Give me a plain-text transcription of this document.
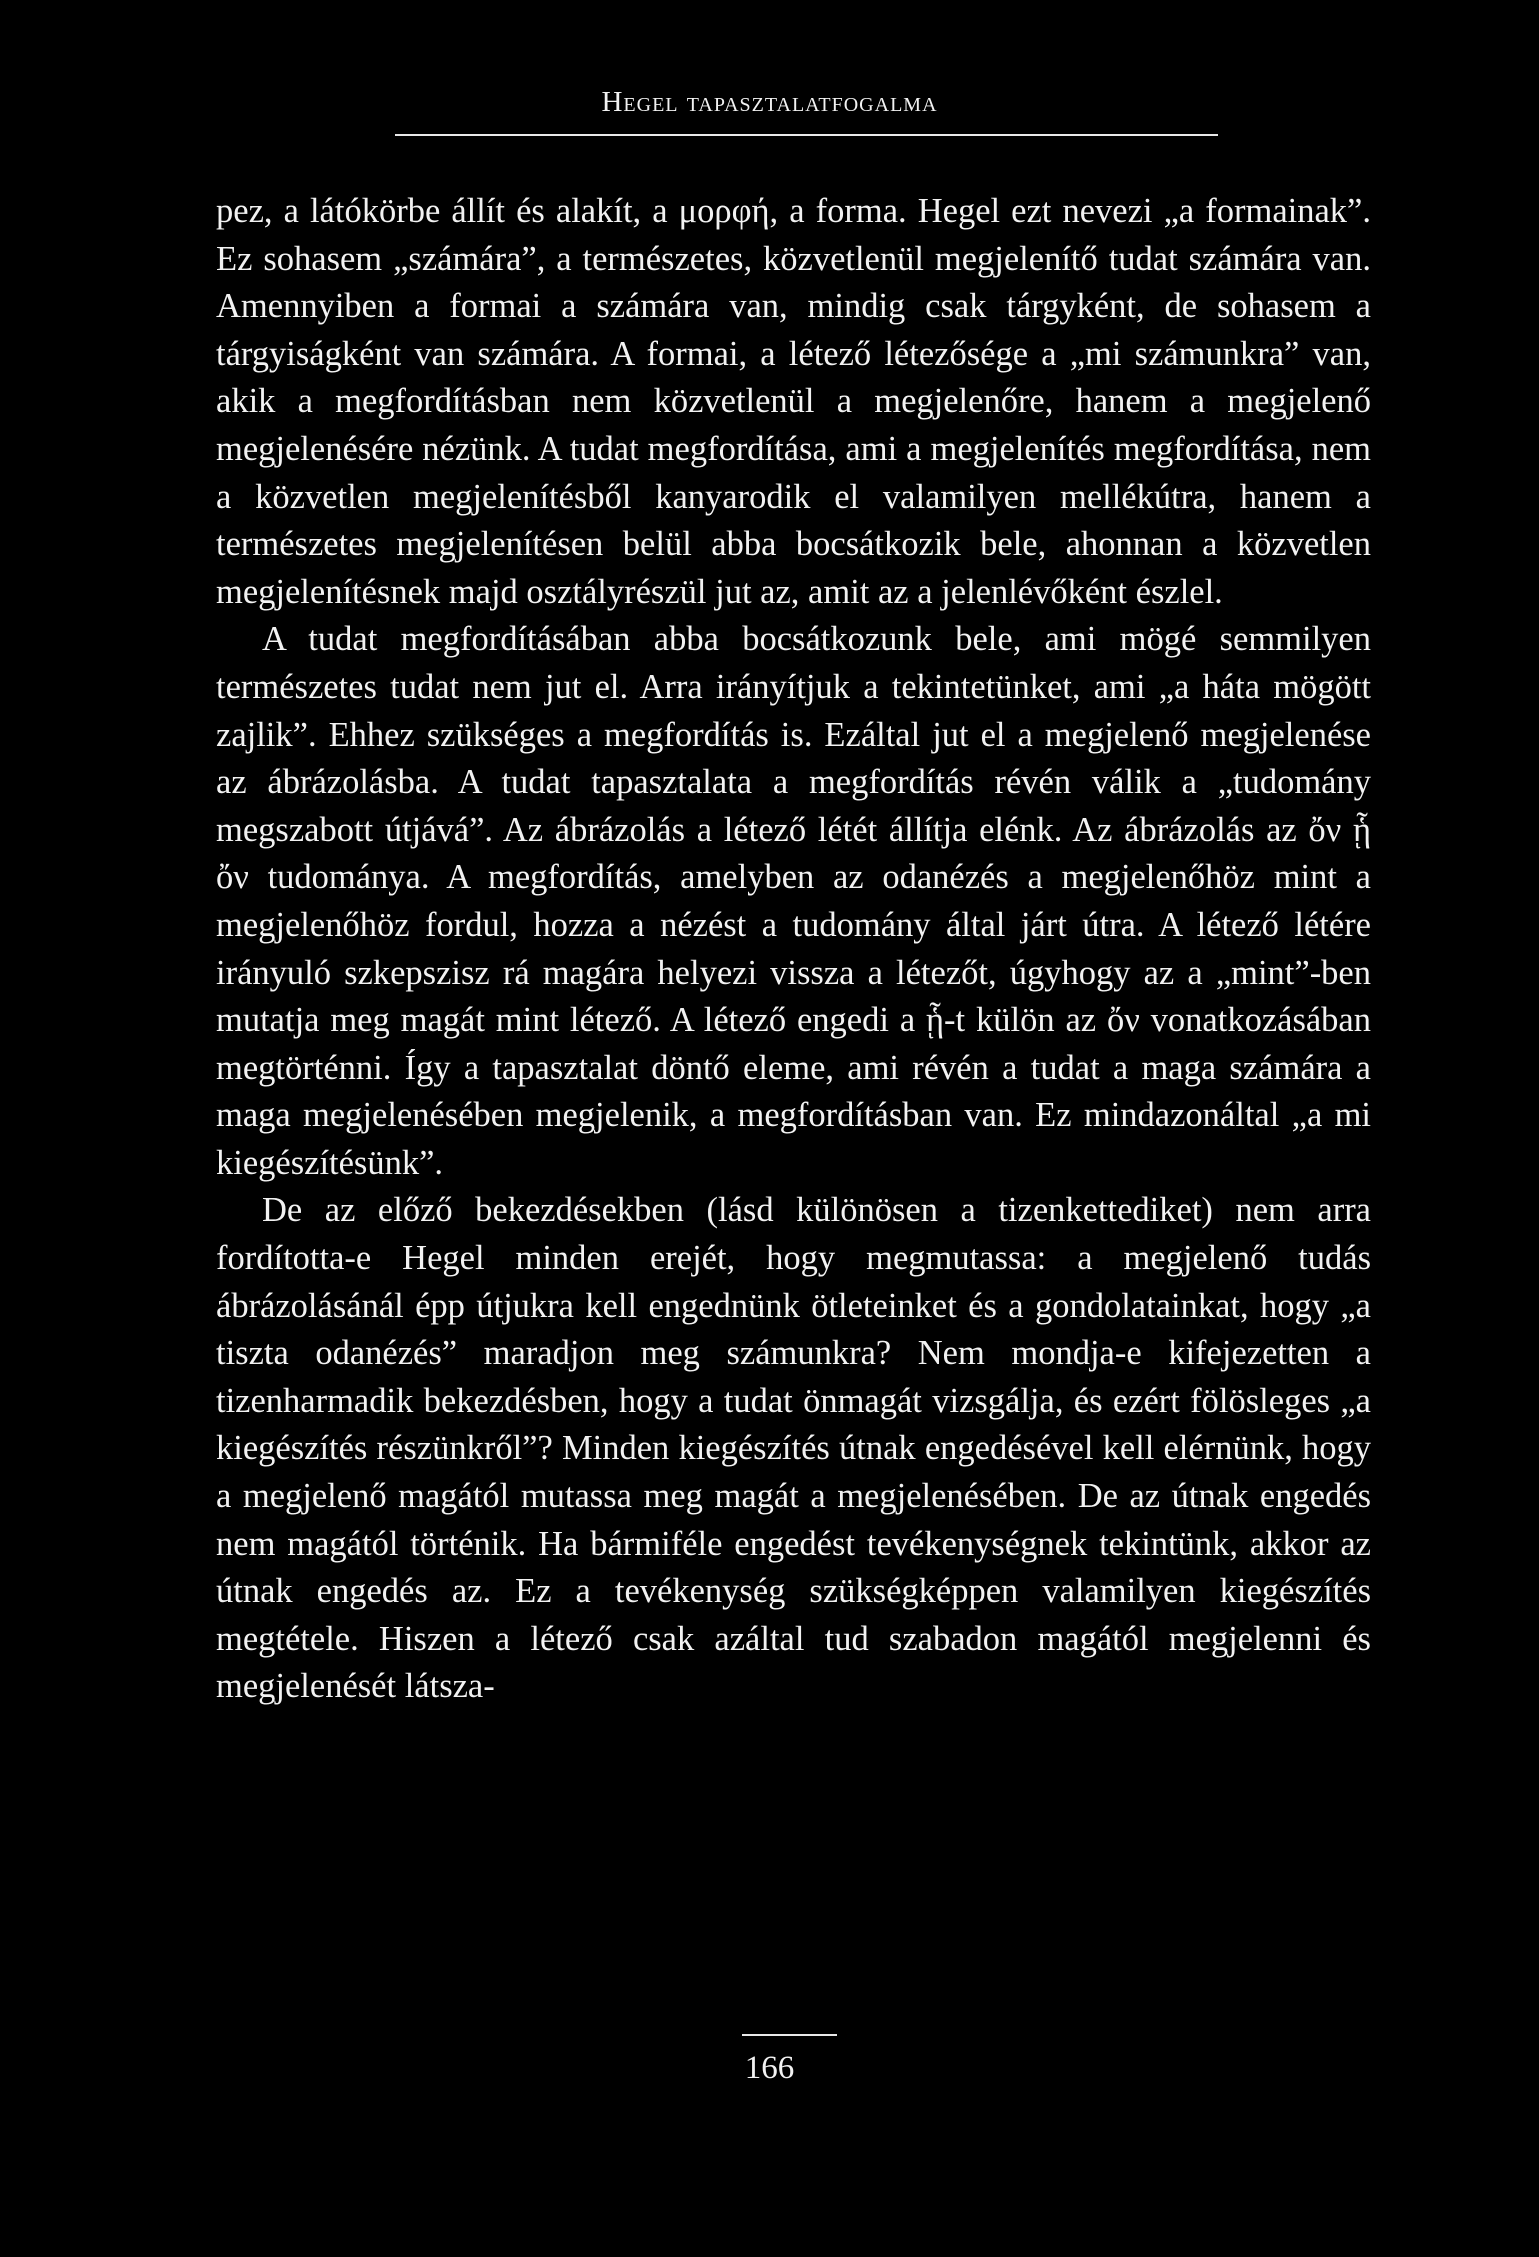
Hegel tapasztalatfogalma

pez, a látókörbe állít és alakít, a μορφή, a forma. Hegel ezt nevezi „a formainak”. Ez sohasem „számára”, a természetes, közvetlenül megjelenítő tudat számára van. Amennyiben a formai a számára van, mindig csak tárgyként, de sohasem a tárgyiságként van számára. A formai, a létező létezősége a „mi számunkra” van, akik a megfordításban nem közvetlenül a megjelenőre, hanem a megjelenő megjelenésére nézünk. A tudat megfordítása, ami a megjelenítés megfordítása, nem a közvetlen megjelenítésből kanyarodik el valamilyen mellékútra, hanem a természetes megjelenítésen belül abba bocsátkozik bele, ahonnan a közvetlen megjelenítésnek majd osztályrészül jut az, amit az a jelenlévőként észlel.

A tudat megfordításában abba bocsátkozunk bele, ami mögé semmilyen természetes tudat nem jut el. Arra irányítjuk a tekintetünket, ami „a háta mögött zajlik”. Ehhez szükséges a megfordítás is. Ezáltal jut el a megjelenő megjelenése az ábrázolásba. A tudat tapasztalata a megfordítás révén válik a „tudomány megszabott útjává”. Az ábrázolás a létező létét állítja elénk. Az ábrázolás az ὄν ᾗ ὄν tudománya. A megfordítás, amelyben az odanézés a megjelenőhöz mint a megjelenőhöz fordul, hozza a nézést a tudomány által járt útra. A létező létére irányuló szkepszisz rá magára helyezi vissza a létezőt, úgyhogy az a „mint”-ben mutatja meg magát mint létező. A létező engedi a ᾗ-t külön az ὄν vonatkozásában megtörténni. Így a tapasztalat döntő eleme, ami révén a tudat a maga számára a maga megjelenésében megjelenik, a megfordításban van. Ez mindazonáltal „a mi kiegészítésünk”.

De az előző bekezdésekben (lásd különösen a tizenkettediket) nem arra fordította-e Hegel minden erejét, hogy megmutassa: a megjelenő tudás ábrázolásánál épp útjukra kell engednünk ötleteinket és a gondolatainkat, hogy „a tiszta odanézés” maradjon meg számunkra? Nem mondja-e kifejezetten a tizenharmadik bekezdésben, hogy a tudat önmagát vizsgálja, és ezért fölösleges „a kiegészítés részünkről”? Minden kiegészítés útnak engedésével kell elérnünk, hogy a megjelenő magától mutassa meg magát a megjelenésében. De az útnak engedés nem magától történik. Ha bármiféle engedést tevékenységnek tekintünk, akkor az útnak engedés az. Ez a tevékenység szükségképpen valamilyen kiegészítés megtétele. Hiszen a létező csak azáltal tud szabadon magától megjelenni és megjelenését látsza-

166
